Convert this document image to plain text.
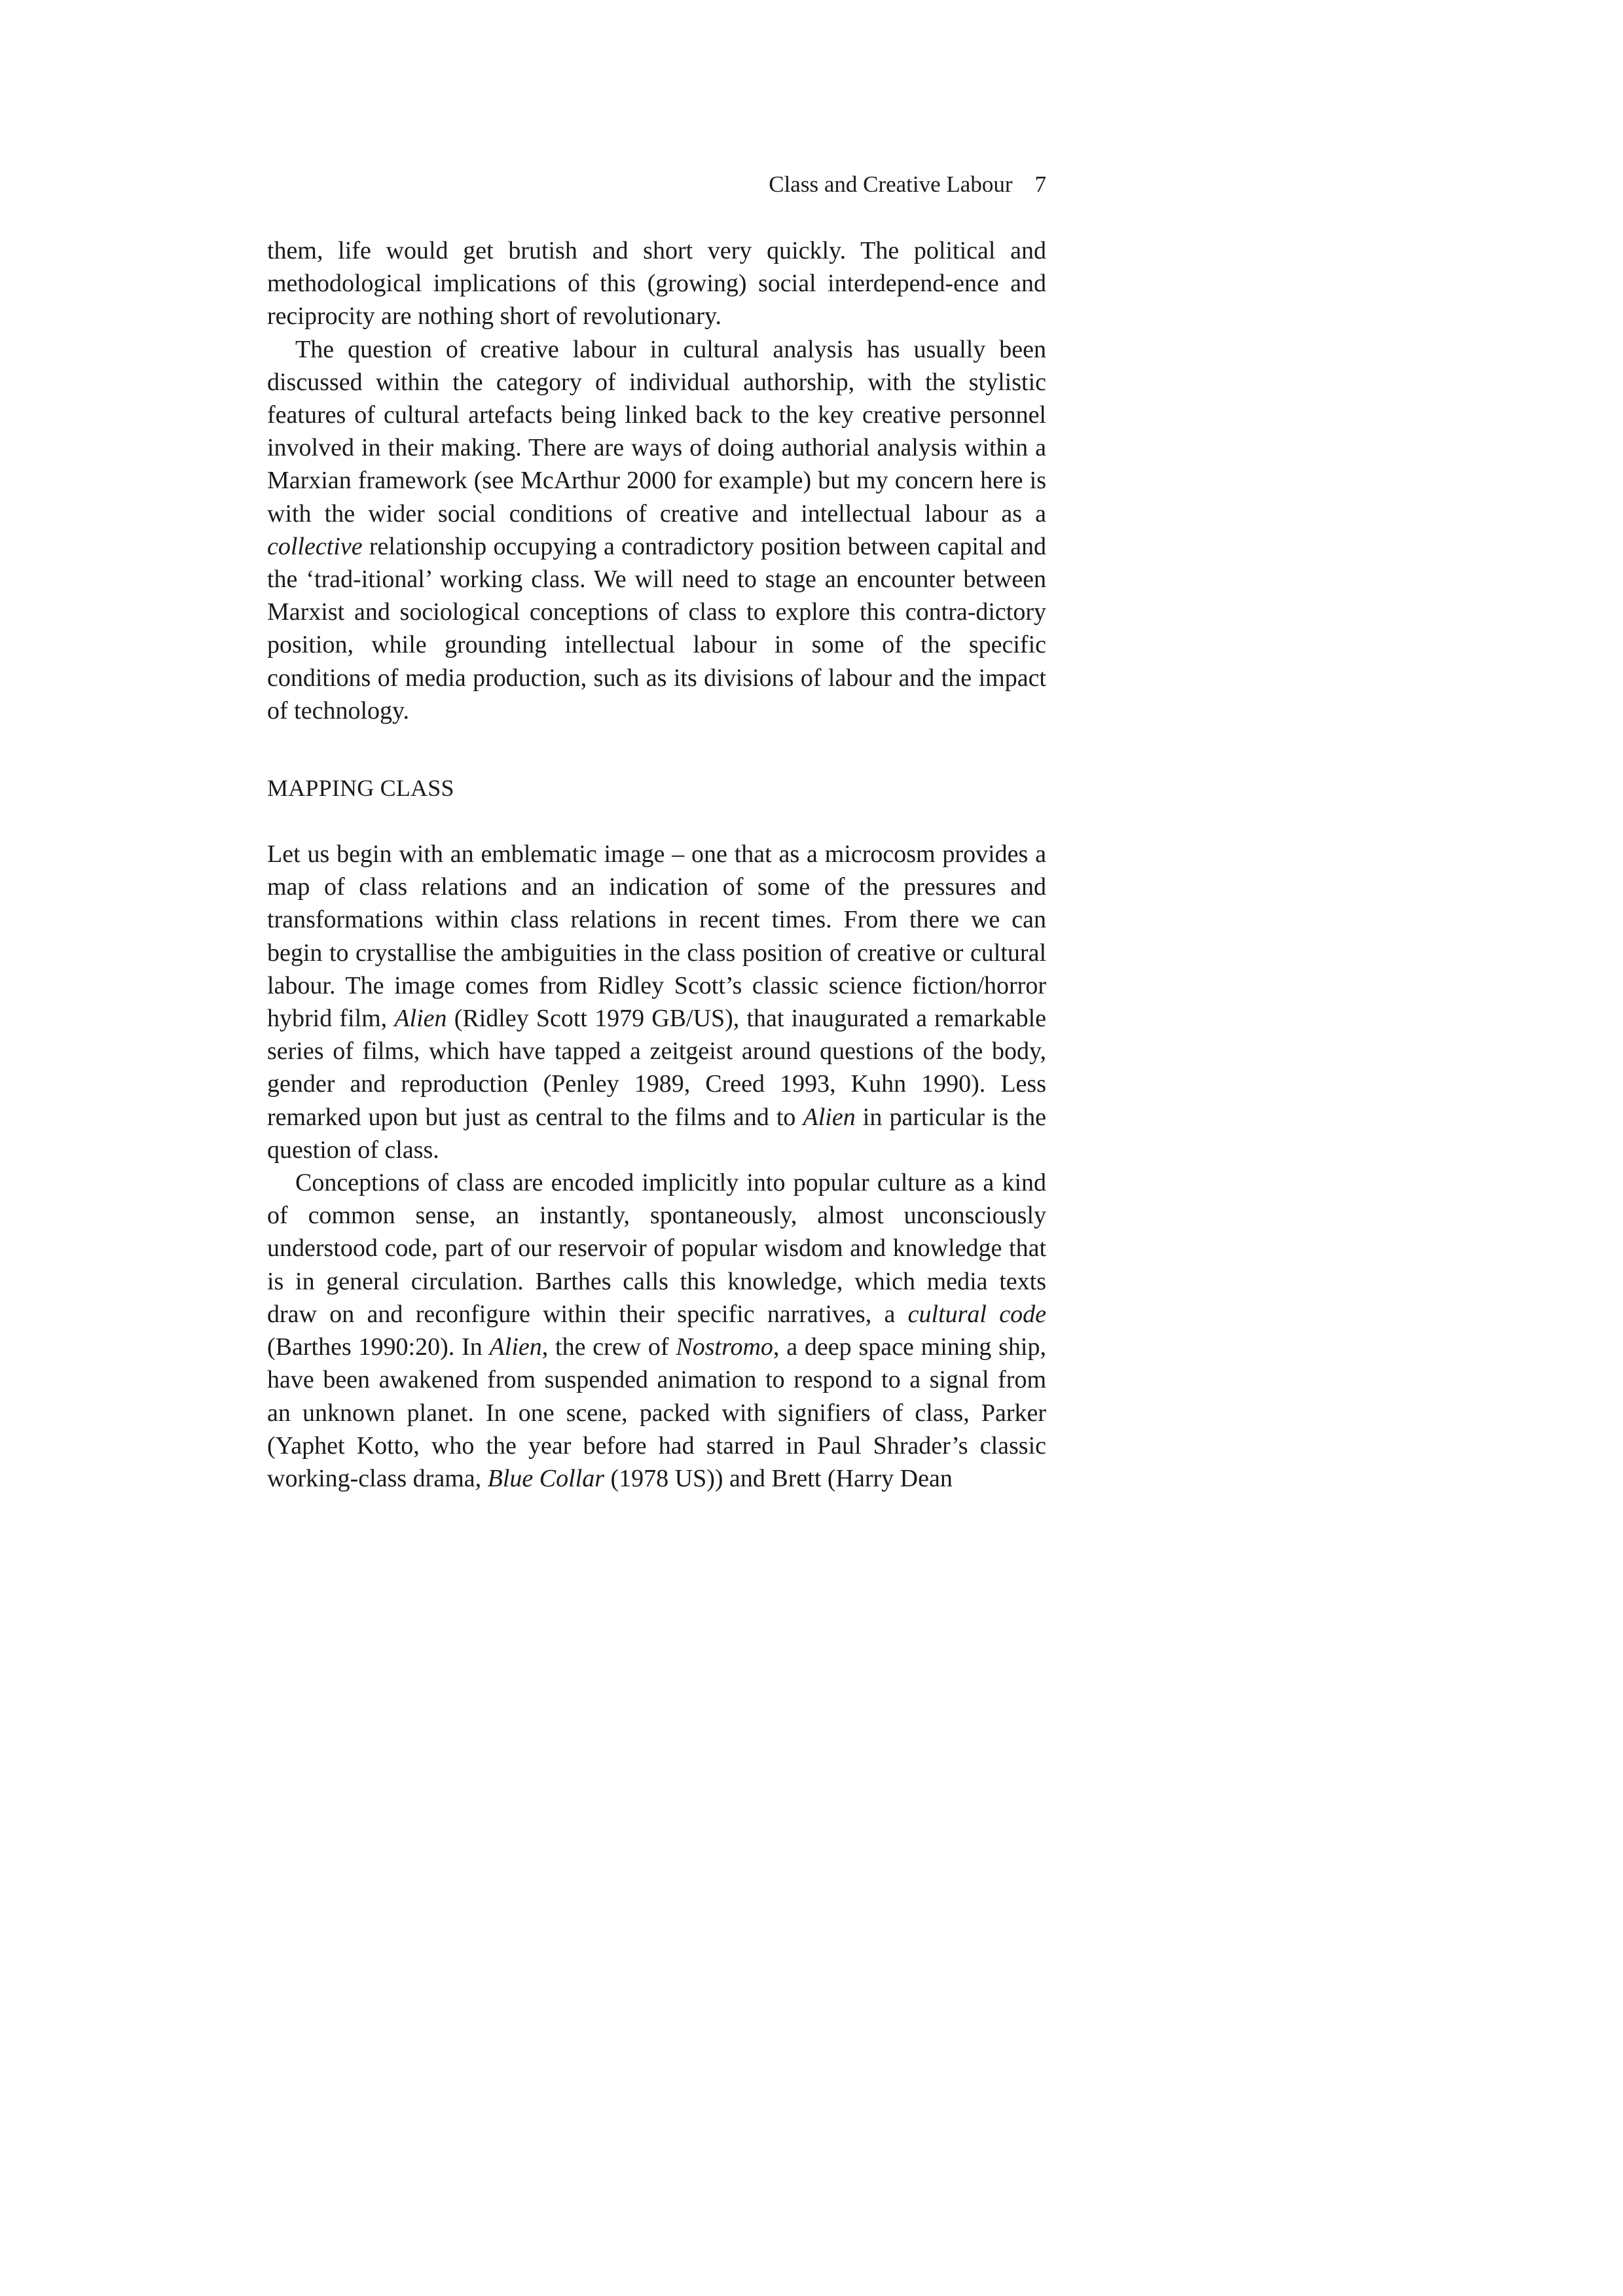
Class and Creative Labour 7

them, life would get brutish and short very quickly. The political and methodological implications of this (growing) social interdepend-ence and reciprocity are nothing short of revolutionary.

The question of creative labour in cultural analysis has usually been discussed within the category of individual authorship, with the stylistic features of cultural artefacts being linked back to the key creative personnel involved in their making. There are ways of doing authorial analysis within a Marxian framework (see McArthur 2000 for example) but my concern here is with the wider social conditions of creative and intellectual labour as a collective relationship occupying a contradictory position between capital and the ‘trad-itional’ working class. We will need to stage an encounter between Marxist and sociological conceptions of class to explore this contra-dictory position, while grounding intellectual labour in some of the specific conditions of media production, such as its divisions of labour and the impact of technology.

MAPPING CLASS

Let us begin with an emblematic image – one that as a microcosm provides a map of class relations and an indication of some of the pressures and transformations within class relations in recent times. From there we can begin to crystallise the ambiguities in the class position of creative or cultural labour. The image comes from Ridley Scott’s classic science fiction/horror hybrid film, Alien (Ridley Scott 1979 GB/US), that inaugurated a remarkable series of films, which have tapped a zeitgeist around questions of the body, gender and reproduction (Penley 1989, Creed 1993, Kuhn 1990). Less remarked upon but just as central to the films and to Alien in particular is the question of class.

Conceptions of class are encoded implicitly into popular culture as a kind of common sense, an instantly, spontaneously, almost unconsciously understood code, part of our reservoir of popular wisdom and knowledge that is in general circulation. Barthes calls this knowledge, which media texts draw on and reconfigure within their specific narratives, a cultural code (Barthes 1990:20). In Alien, the crew of Nostromo, a deep space mining ship, have been awakened from suspended animation to respond to a signal from an unknown planet. In one scene, packed with signifiers of class, Parker (Yaphet Kotto, who the year before had starred in Paul Shrader’s classic working-class drama, Blue Collar (1978 US)) and Brett (Harry Dean
